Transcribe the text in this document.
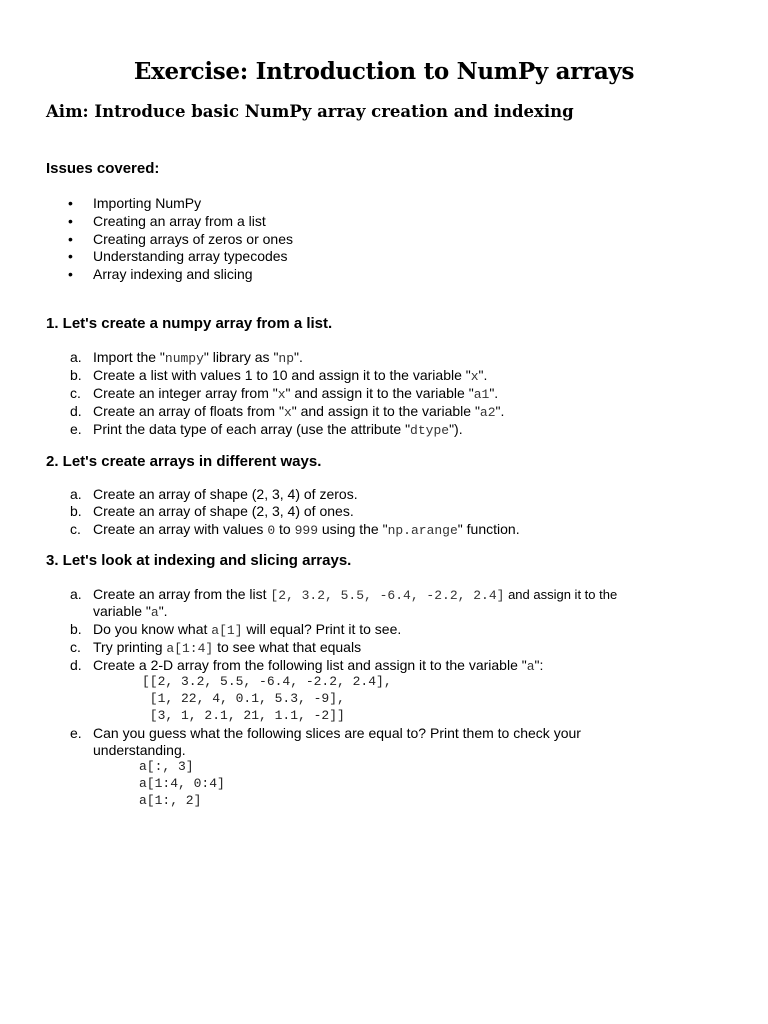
Exercise: Introduction to NumPy arrays
Aim: Introduce basic NumPy array creation and indexing
Issues covered:
• Importing NumPy
• Creating an array from a list
• Creating arrays of zeros or ones
• Understanding array typecodes
• Array indexing and slicing
1. Let's create a numpy array from a list.
a. Import the "numpy" library as "np".
b. Create a list with values 1 to 10 and assign it to the variable "x".
c. Create an integer array from "x" and assign it to the variable "a1".
d. Create an array of floats from "x" and assign it to the variable "a2".
e. Print the data type of each array (use the attribute "dtype").
2. Let's create arrays in different ways.
a. Create an array of shape (2, 3, 4) of zeros.
b. Create an array of shape (2, 3, 4) of ones.
c. Create an array with values 0 to 999 using the "np.arange" function.
3. Let's look at indexing and slicing arrays.
a. Create an array from the list [2, 3.2, 5.5, -6.4, -2.2, 2.4] and assign it to the
variable "a".
b. Do you know what a[1] will equal? Print it to see.
c. Try printing a[1:4] to see what that equals
d. Create a 2-D array from the following list and assign it to the variable "a":
[[2, 3.2, 5.5, -6.4, -2.2, 2.4],
[1, 22, 4, 0.1, 5.3, -9],
[3, 1, 2.1, 21, 1.1, -2]]
e. Can you guess what the following slices are equal to? Print them to check your
understanding.
a[:, 3]
a[1:4, 0:4]
a[1:, 2]
